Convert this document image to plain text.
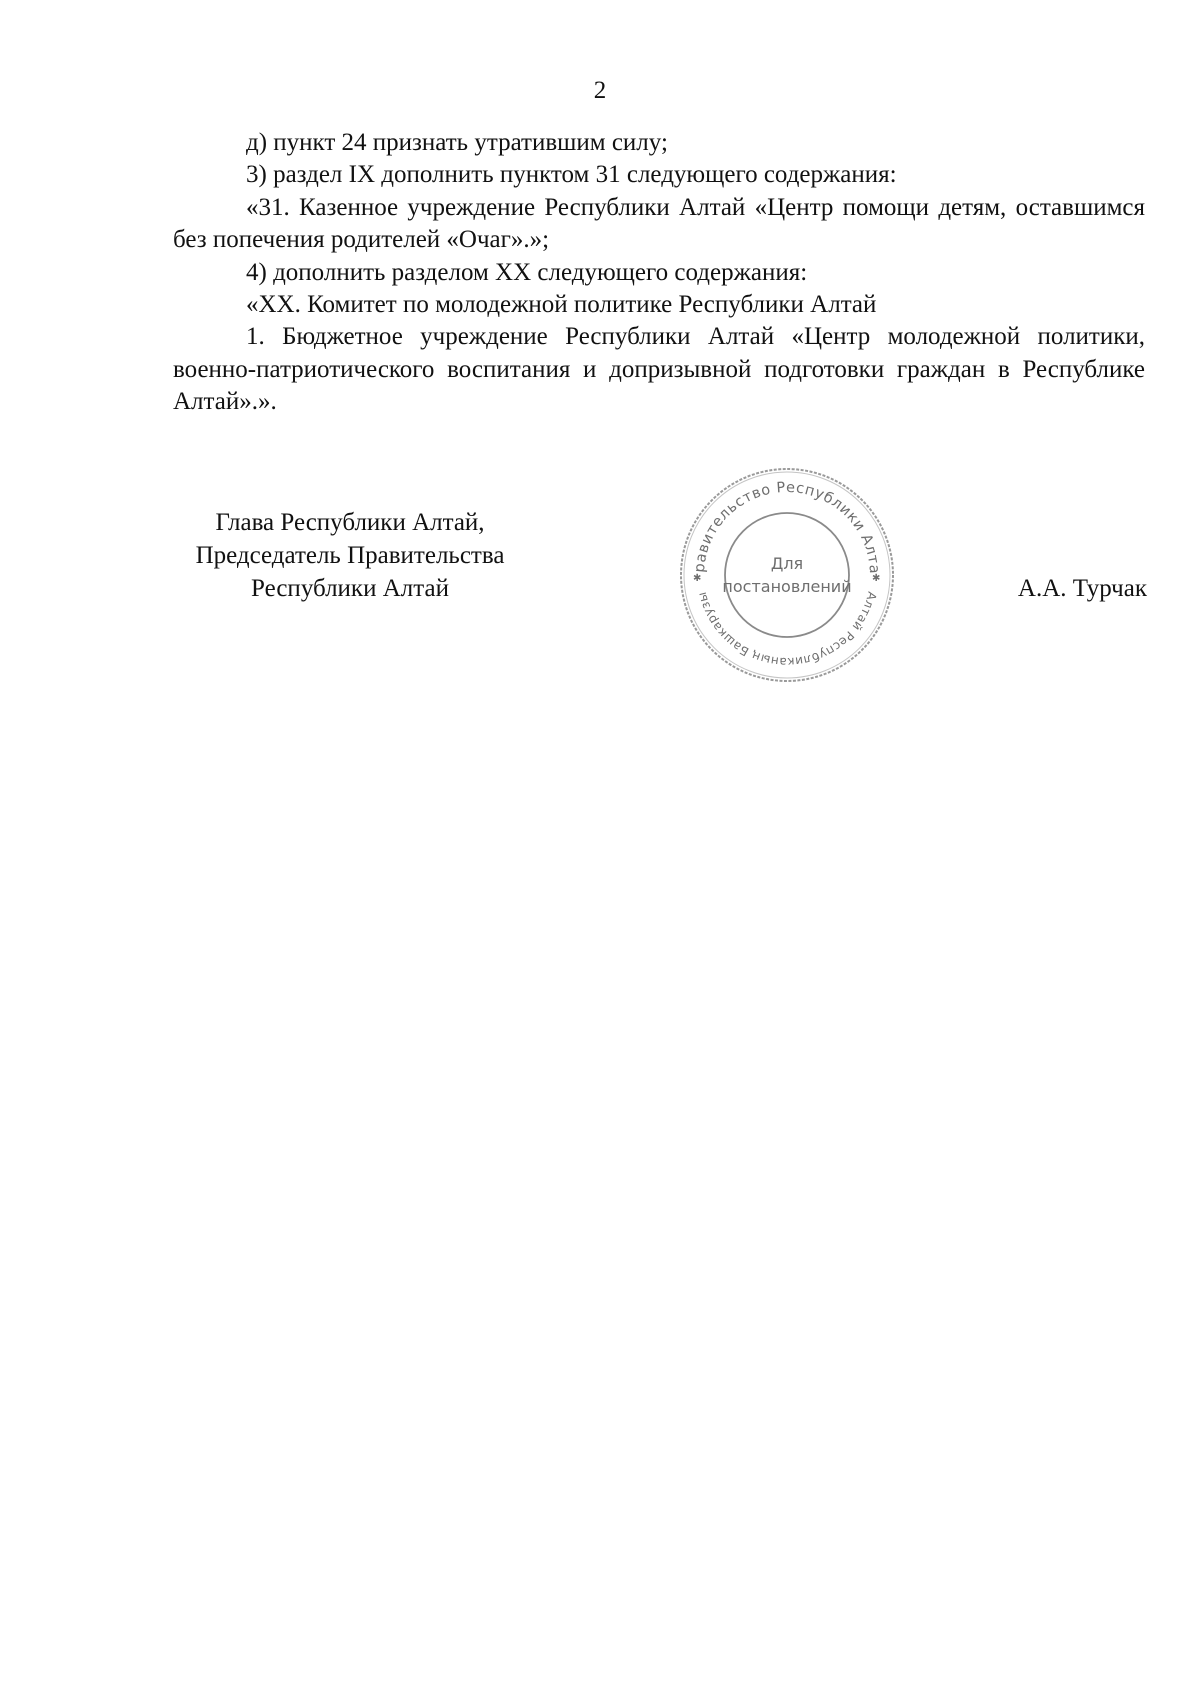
2

д) пункт 24 признать утратившим силу;

3) раздел IX дополнить пунктом 31 следующего содержания:

«31. Казенное учреждение Республики Алтай «Центр помощи детям, оставшимся без попечения родителей «Очаг».»;

4) дополнить разделом XX следующего содержания:

«XX. Комитет по молодежной политике Республики Алтай

1. Бюджетное учреждение Республики Алтай «Центр молодежной политики, военно-патриотического воспитания и допризывной подготовки граждан в Республике Алтай».».

Глава Республики Алтай,
Председатель Правительства
Республики Алтай	А.А. Турчак
✱	✱
равительство Республики Алта
Алтай Республиканың Башкарузы
Для
постановлений
